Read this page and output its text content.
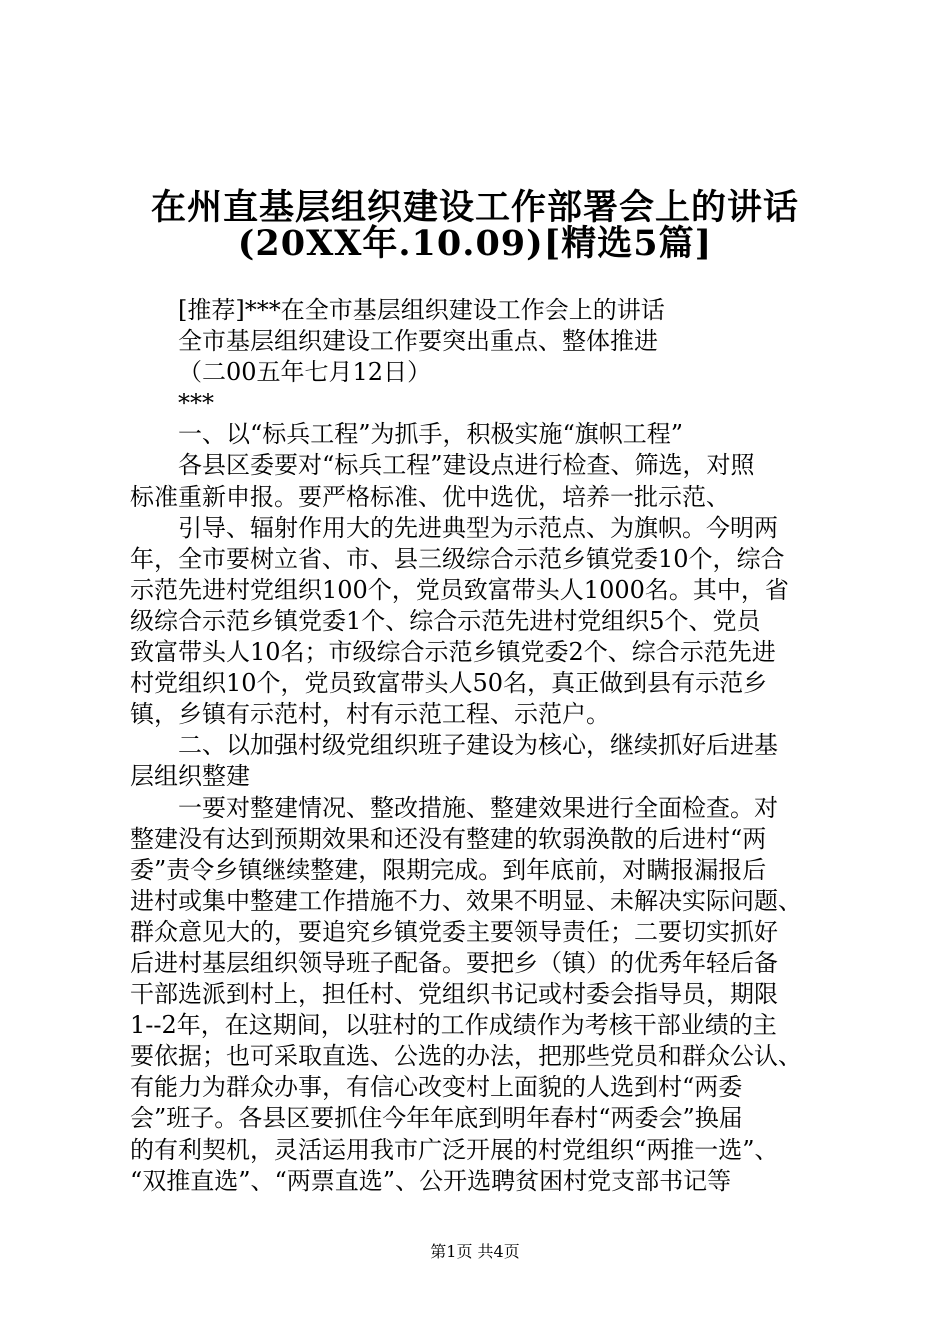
在州直基层组织建设工作部署会上的讲话
(20XX年.10.09)[精选5篇]
[推荐]***在全市基层组织建设工作会上的讲话
全市基层组织建设工作要突出重点、整体推进
（二00五年七月12日）
***
一、以“标兵工程”为抓手，积极实施“旗帜工程”
各县区委要对“标兵工程”建设点进行检查、筛选，对照
标准重新申报。要严格标准、优中选优，培养一批示范、
引导、辐射作用大的先进典型为示范点、为旗帜。今明两
年，全市要树立省、市、县三级综合示范乡镇党委10个，综合
示范先进村党组织100个，党员致富带头人1000名。其中，省
级综合示范乡镇党委1个、综合示范先进村党组织5个、党员
致富带头人10名；市级综合示范乡镇党委2个、综合示范先进
村党组织10个，党员致富带头人50名，真正做到县有示范乡
镇，乡镇有示范村，村有示范工程、示范户。
二、以加强村级党组织班子建设为核心，继续抓好后进基
层组织整建
一要对整建情况、整改措施、整建效果进行全面检查。对
整建没有达到预期效果和还没有整建的软弱涣散的后进村“两
委”责令乡镇继续整建，限期完成。到年底前，对瞒报漏报后
进村或集中整建工作措施不力、效果不明显、未解决实际问题、
群众意见大的，要追究乡镇党委主要领导责任；二要切实抓好
后进村基层组织领导班子配备。要把乡（镇）的优秀年轻后备
干部选派到村上，担任村、党组织书记或村委会指导员，期限
1--2年，在这期间，以驻村的工作成绩作为考核干部业绩的主
要依据；也可采取直选、公选的办法，把那些党员和群众公认、
有能力为群众办事，有信心改变村上面貌的人选到村“两委
会”班子。各县区要抓住今年年底到明年春村“两委会”换届
的有利契机，灵活运用我市广泛开展的村党组织“两推一选”、
“双推直选”、“两票直选”、公开选聘贫困村党支部书记等
第1页 共4页
